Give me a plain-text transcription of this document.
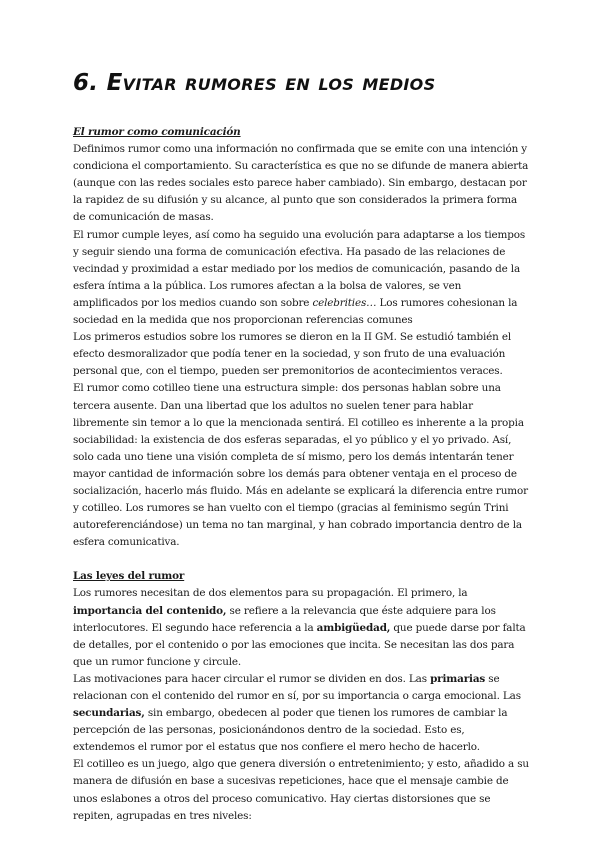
6. Evitar rumores en los medios

El rumor como comunicación

Definimos rumor como una información no confirmada que se emite con una intención y condiciona el comportamiento. Su característica es que no se difunde de manera abierta (aunque con las redes sociales esto parece haber cambiado). Sin embargo, destacan por la rapidez de su difusión y su alcance, al punto que son considerados la primera forma de comunicación de masas.

El rumor cumple leyes, así como ha seguido una evolución para adaptarse a los tiempos y seguir siendo una forma de comunicación efectiva. Ha pasado de las relaciones de vecindad y proximidad a estar mediado por los medios de comunicación, pasando de la esfera íntima a la pública. Los rumores afectan a la bolsa de valores, se ven amplificados por los medios cuando son sobre celebrities… Los rumores cohesionan la sociedad en la medida que nos proporcionan referencias comunes

Los primeros estudios sobre los rumores se dieron en la II GM. Se estudió también el efecto desmoralizador que podía tener en la sociedad, y son fruto de una evaluación personal que, con el tiempo, pueden ser premonitorios de acontecimientos veraces.

El rumor como cotilleo tiene una estructura simple: dos personas hablan sobre una tercera ausente. Dan una libertad que los adultos no suelen tener para hablar libremente sin temor a lo que la mencionada sentirá. El cotilleo es inherente a la propia sociabilidad: la existencia de dos esferas separadas, el yo público y el yo privado. Así, solo cada uno tiene una visión completa de sí mismo, pero los demás intentarán tener mayor cantidad de información sobre los demás para obtener ventaja en el proceso de socialización, hacerlo más fluido. Más en adelante se explicará la diferencia entre rumor y cotilleo. Los rumores se han vuelto con el tiempo (gracias al feminismo según Trini autoreferenciándose) un tema no tan marginal, y han cobrado importancia dentro de la esfera comunicativa.

Las leyes del rumor

Los rumores necesitan de dos elementos para su propagación. El primero, la importancia del contenido, se refiere a la relevancia que éste adquiere para los interlocutores. El segundo hace referencia a la ambigüedad, que puede darse por falta de detalles, por el contenido o por las emociones que incita. Se necesitan las dos para que un rumor funcione y circule.

Las motivaciones para hacer circular el rumor se dividen en dos. Las primarias se relacionan con el contenido del rumor en sí, por su importancia o carga emocional. Las secundarias, sin embargo, obedecen al poder que tienen los rumores de cambiar la percepción de las personas, posicionándonos dentro de la sociedad. Esto es, extendemos el rumor por el estatus que nos confiere el mero hecho de hacerlo.

El cotilleo es un juego, algo que genera diversión o entretenimiento; y esto, añadido a su manera de difusión en base a sucesivas repeticiones, hace que el mensaje cambie de unos eslabones a otros del proceso comunicativo. Hay ciertas distorsiones que se repiten, agrupadas en tres niveles:
